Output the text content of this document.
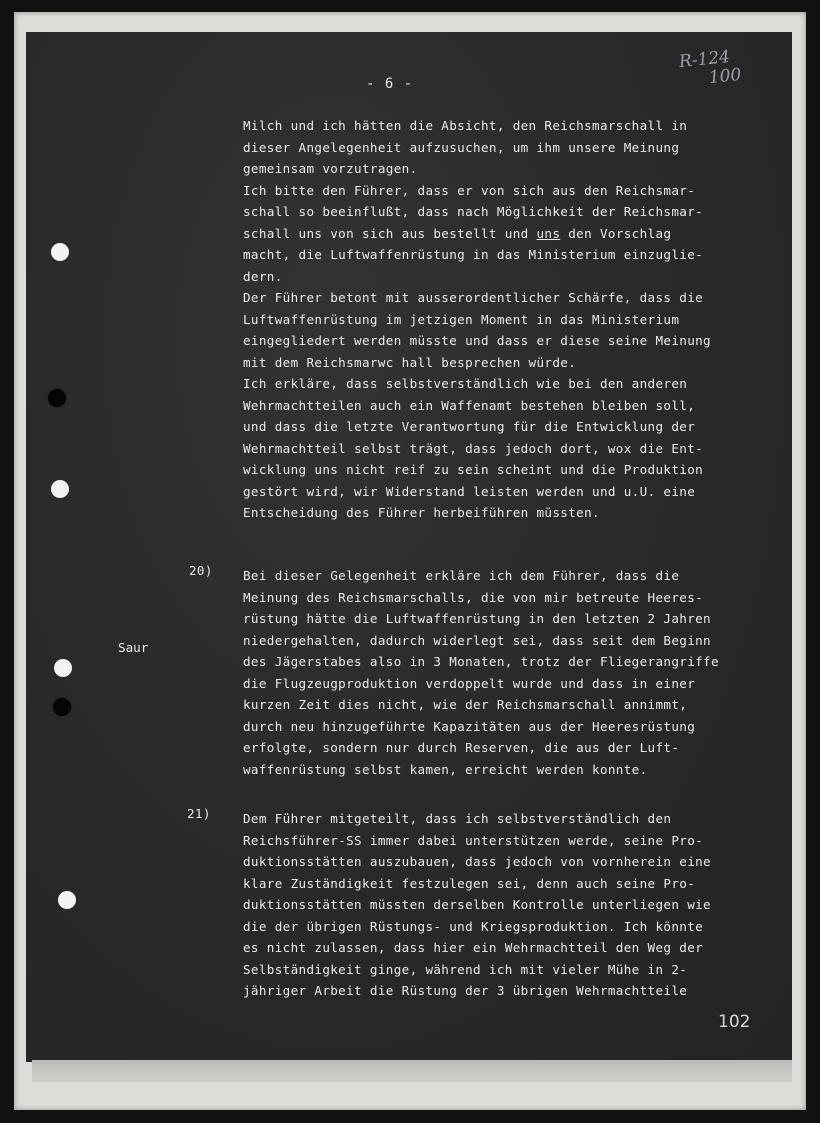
- 6 -
R-124
100
Milch und ich hätten die Absicht, den Reichsmarschall in
dieser Angelegenheit aufzusuchen, um ihm unsere Meinung
gemeinsam vorzutragen.
Ich bitte den Führer, dass er von sich aus den Reichsmar-
schall so beeinflußt, dass nach Möglichkeit der Reichsmar-
schall uns von sich aus bestellt und uns den Vorschlag
macht, die Luftwaffenrüstung in das Ministerium einzuglie-
dern.
Der Führer betont mit ausserordentlicher Schärfe, dass die
Luftwaffenrüstung im jetzigen Moment in das Ministerium
eingegliedert werden müsste und dass er diese seine Meinung
mit dem Reichsmarwc hall besprechen würde.
Ich erkläre, dass selbstverständlich wie bei den anderen
Wehrmachtteilen auch ein Waffenamt bestehen bleiben soll,
und dass die letzte Verantwortung für die Entwicklung der
Wehrmachtteil selbst trägt, dass jedoch dort, wox die Ent-
wicklung uns nicht reif zu sein scheint und die Produktion
gestört wird, wir Widerstand leisten werden und u.U. eine
Entscheidung des Führer herbeiführen müssten.
20)
Saur
Bei dieser Gelegenheit erkläre ich dem Führer, dass die
Meinung des Reichsmarschalls, die von mir betreute Heeres-
rüstung hätte die Luftwaffenrüstung in den letzten 2 Jahren
niedergehalten, dadurch widerlegt sei, dass seit dem Beginn
des Jägerstabes also in 3 Monaten, trotz der Fliegerangriffe
die Flugzeugproduktion verdoppelt wurde und dass in einer
kurzen Zeit dies nicht, wie der Reichsmarschall annimmt,
durch neu hinzugeführte Kapazitäten aus der Heeresrüstung
erfolgte, sondern nur durch Reserven, die aus der Luft-
waffenrüstung selbst kamen, erreicht werden konnte.
21)	Dem Führer mitgeteilt, dass ich selbstverständlich den
Reichsführer-SS immer dabei unterstützen werde, seine Pro-
duktionsstätten auszubauen, dass jedoch von vornherein eine
klare Zuständigkeit festzulegen sei, denn auch seine Pro-
duktionsstätten müssten derselben Kontrolle unterliegen wie
die der übrigen Rüstungs- und Kriegsproduktion. Ich könnte
es nicht zulassen, dass hier ein Wehrmachtteil den Weg der
Selbständigkeit ginge, während ich mit vieler Mühe in 2-
jähriger Arbeit die Rüstung der 3 übrigen Wehrmachtteile
102
